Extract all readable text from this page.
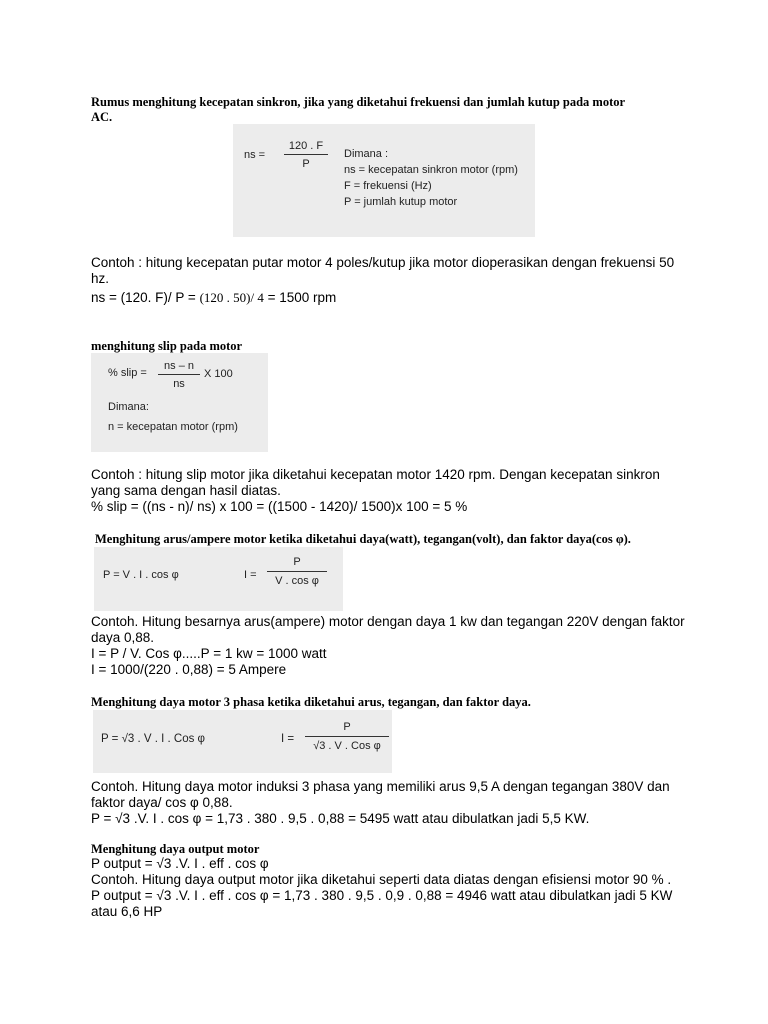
Rumus menghitung kecepatan sinkron, jika yang diketahui frekuensi dan jumlah kutup pada motor
AC.
ns =
120 . F
P
Dimana :
ns = kecepatan sinkron motor (rpm)
F = frekuensi (Hz)
P = jumlah kutup motor
Contoh : hitung kecepatan putar motor 4 poles/kutup jika motor dioperasikan dengan frekuensi 50
hz.
ns = (120. F)/ P = (120 . 50)/ 4 = 1500 rpm
menghitung slip pada motor
% slip =
ns – n
ns
X 100
Dimana:
n = kecepatan motor (rpm)
Contoh : hitung slip motor jika diketahui kecepatan motor 1420 rpm. Dengan kecepatan sinkron
yang sama dengan hasil diatas.
% slip = ((ns - n)/ ns) x 100 = ((1500 - 1420)/ 1500)x 100 = 5 %
Menghitung arus/ampere motor ketika diketahui daya(watt), tegangan(volt), dan faktor daya(cos φ).
P = V . I . cos φ	I =
P
V . cos φ
Contoh. Hitung besarnya arus(ampere) motor dengan daya 1 kw dan tegangan 220V dengan faktor
daya 0,88.
I = P / V. Cos φ.....P = 1 kw = 1000 watt
I = 1000/(220 . 0,88) = 5 Ampere
Menghitung daya motor 3 phasa ketika diketahui arus, tegangan, dan faktor daya.
P = √3 . V . I . Cos φ	I =
P
√3 . V . Cos φ
Contoh. Hitung daya motor induksi 3 phasa yang memiliki arus 9,5 A dengan tegangan 380V dan
faktor daya/ cos φ 0,88.
P = √3 .V. I . cos φ = 1,73 . 380 . 9,5 . 0,88 = 5495 watt atau dibulatkan jadi 5,5 KW.
Menghitung daya output motor
P output = √3 .V. I . eff . cos φ
Contoh. Hitung daya output motor jika diketahui seperti data diatas dengan efisiensi motor 90 % .
P output = √3 .V. I . eff . cos φ = 1,73 . 380 . 9,5 . 0,9 . 0,88 = 4946 watt atau dibulatkan jadi 5 KW
atau 6,6 HP
